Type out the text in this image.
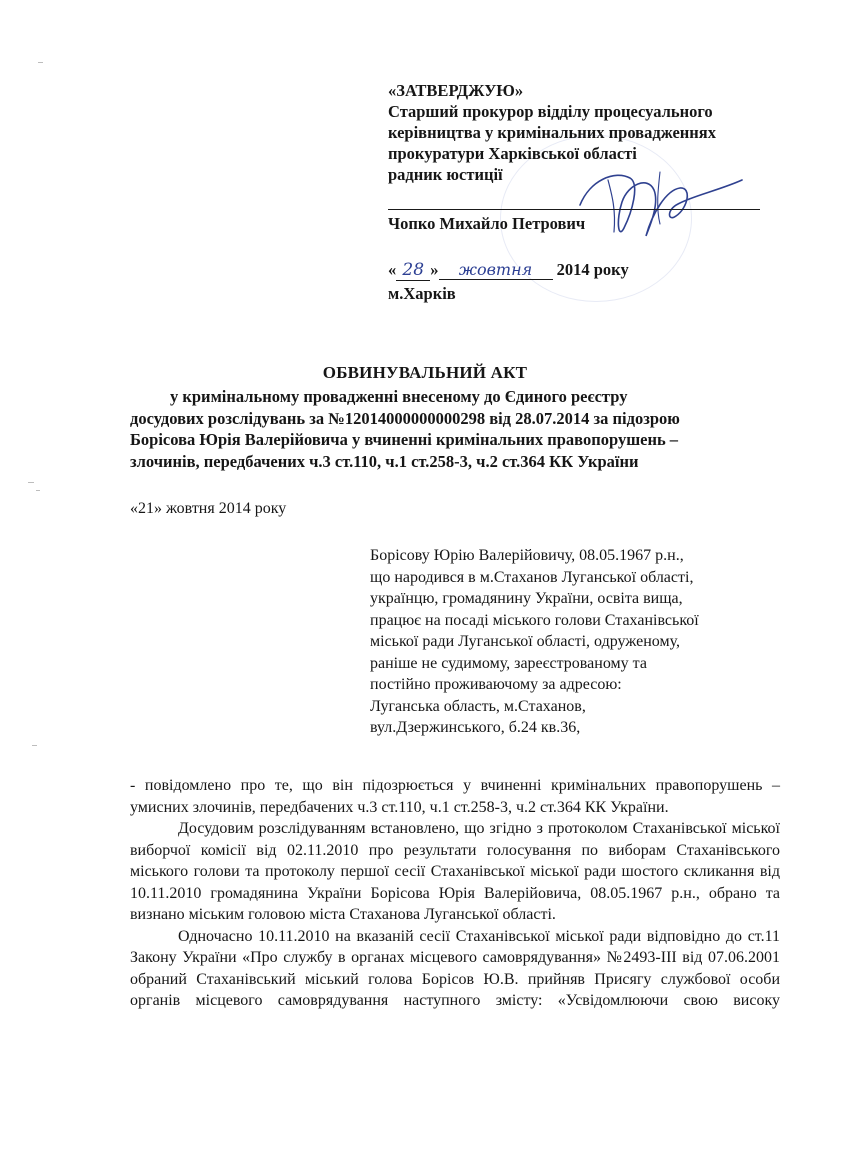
«ЗАТВЕРДЖУЮ»
Старший прокурор відділу процесуального
керівництва у кримінальних провадженнях
прокуратури Харківської області
радник юстиції
Чопко Михайло Петрович
« 28 » жовтня 2014 року
м.Харків
ОБВИНУВАЛЬНИЙ АКТ
у кримінальному провадженні внесеному до Єдиного реєстру
досудових розслідувань за №12014000000000298 від 28.07.2014 за підозрою
Борісова Юрія Валерійовича у вчиненні кримінальних правопорушень –
злочинів, передбачених ч.3 ст.110, ч.1 ст.258-3, ч.2 ст.364 КК України
«21» жовтня 2014 року
Борісову Юрію Валерійовичу, 08.05.1967 р.н.,
що народився в м.Стаханов Луганської області,
українцю, громадянину України, освіта вища,
працює на посаді міського голови Стаханівської
міської ради Луганської області, одруженому,
раніше не судимому, зареєстрованому та
постійно проживаючому за адресою:
Луганська область, м.Стаханов,
вул.Дзержинського, б.24 кв.36,

- повідомлено про те, що він підозрюється у вчиненні кримінальних правопорушень – умисних злочинів, передбачених ч.3 ст.110, ч.1 ст.258-3, ч.2 ст.364 КК України.

Досудовим розслідуванням встановлено, що згідно з протоколом Стаханівської міської виборчої комісії від 02.11.2010 про результати голосування по виборам Стаханівського міського голови та протоколу першої сесії Стаханівської міської ради шостого скликання від 10.11.2010 громадянина України Борісова Юрія Валерійовича, 08.05.1967 р.н., обрано та визнано міським головою міста Стаханова Луганської області.

Одночасно 10.11.2010 на вказаній сесії Стаханівської міської ради відповідно до ст.11 Закону України «Про службу в органах місцевого самоврядування» №2493-ІІІ від 07.06.2001 обраний Стаханівський міський голова Борісов Ю.В. прийняв Присягу службової особи органів місцевого самоврядування наступного змісту: «Усвідомлюючи свою високу
